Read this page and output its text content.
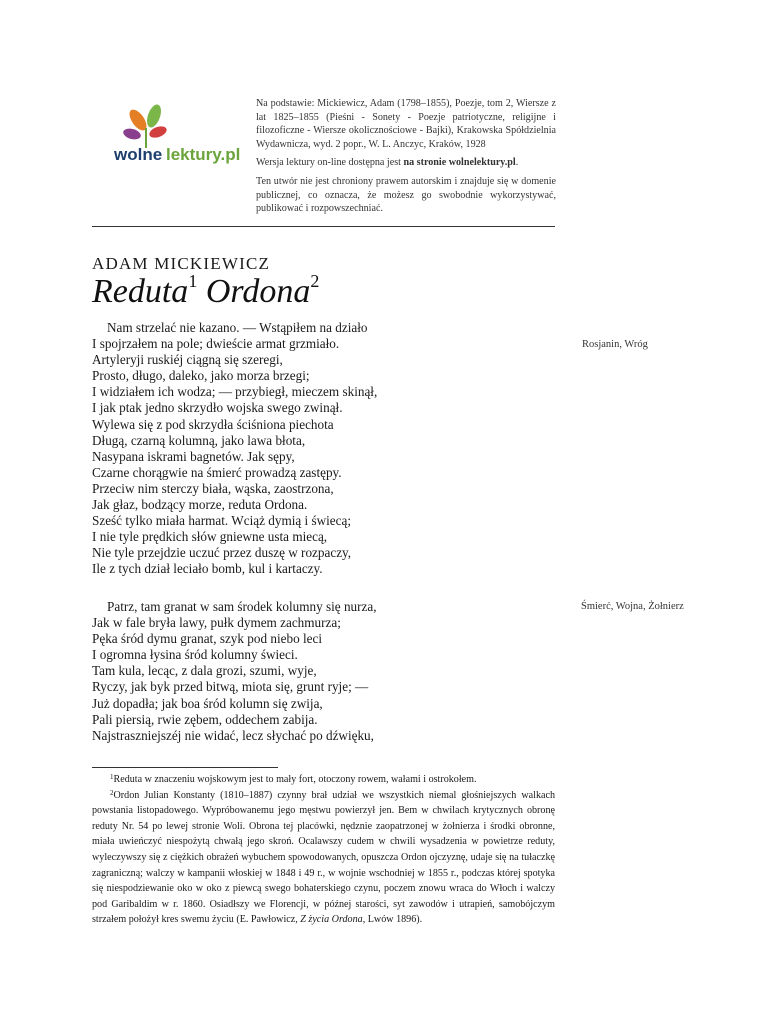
wolne lektury.pl

Na podstawie: Mickiewicz, Adam (1798–1855), Poezje, tom 2, Wiersze z lat 1825–1855 (Pieśni - Sonety - Poezje patriotyczne, religijne i filozoficzne - Wiersze okolicznościowe - Bajki), Krakowska Spółdzielnia Wydawnicza, wyd. 2 popr., W. L. Anczyc, Kraków, 1928

Wersja lektury on-line dostępna jest na stronie wolnelektury.pl.

Ten utwór nie jest chroniony prawem autorskim i znajduje się w domenie publicznej, co oznacza, że możesz go swobodnie wykorzystywać, publikować i rozpowszechniać.

ADAM MICKIEWICZ
Reduta$^1$ Ordona$^2$
Nam strzelać nie kazano. — Wstąpiłem na działo
I spojrzałem na pole; dwieście armat grzmiało.
Artyleryji ruskiéj ciągną się szeregi,
Prosto, długo, daleko, jako morza brzegi;
I widziałem ich wodza; — przybiegł, mieczem skinął,
I jak ptak jedno skrzydło wojska swego zwinął.
Wylewa się z pod skrzydła ściśniona piechota
Długą, czarną kolumną, jako lawa błota,
Nasypana iskrami bagnetów. Jak sępy,
Czarne chorągwie na śmierć prowadzą zastępy.
Przeciw nim sterczy biała, wąska, zaostrzona,
Jak głaz, bodzący morze, reduta Ordona.
Sześć tylko miała harmat. Wciąż dymią i świecą;
I nie tyle prędkich słów gniewne usta miecą,
Nie tyle przejdzie uczuć przez duszę w rozpaczy,
Ile z tych dział leciało bomb, kul i kartaczy.
Patrz, tam granat w sam środek kolumny się nurza,
Jak w fale bryła lawy, pułk dymem zachmurza;
Pęka śród dymu granat, szyk pod niebo leci
I ogromna łysina śród kolumny świeci.
Tam kula, lecąc, z dala grozi, szumi, wyje,
Ryczy, jak byk przed bitwą, miota się, grunt ryje; —
Już dopadła; jak boa śród kolumn się zwija,
Pali piersią, rwie zębem, oddechem zabija.
Najstraszniejszéj nie widać, lecz słychać po dźwięku,
Rosjanin, Wróg
Śmierć, Wojna, Żołnierz

$^1$Reduta w znaczeniu wojskowym jest to mały fort, otoczony rowem, wałami i ostrokołem.

$^2$Ordon Julian Konstanty (1810–1887) czynny brał udział we wszystkich niemal głośniejszych walkach powstania listopadowego. Wypróbowanemu jego męstwu powierzył jen. Bem w chwilach krytycznych obronę reduty Nr. 54 po lewej stronie Woli. Obrona tej placówki, nędznie zaopatrzonej w żołnierza i środki obronne, miała uwieńczyć niespożytą chwałą jego skroń. Ocalawszy cudem w chwili wysadzenia w powietrze reduty, wyleczywszy się z ciężkich obrażeń wybuchem spowodowanych, opuszcza Ordon ojczyznę, udaje się na tułaczkę zagraniczną; walczy w kampanii włoskiej w 1848 i 49 r., w wojnie wschodniej w 1855 r., podczas której spotyka się niespodziewanie oko w oko z piewcą swego bohaterskiego czynu, poczem znowu wraca do Włoch i walczy pod Garibaldim w r. 1860. Osiadłszy we Florencji, w późnej starości, syt zawodów i utrapień, samobójczym strzałem położył kres swemu życiu (E. Pawłowicz, Z życia Ordona, Lwów 1896).
